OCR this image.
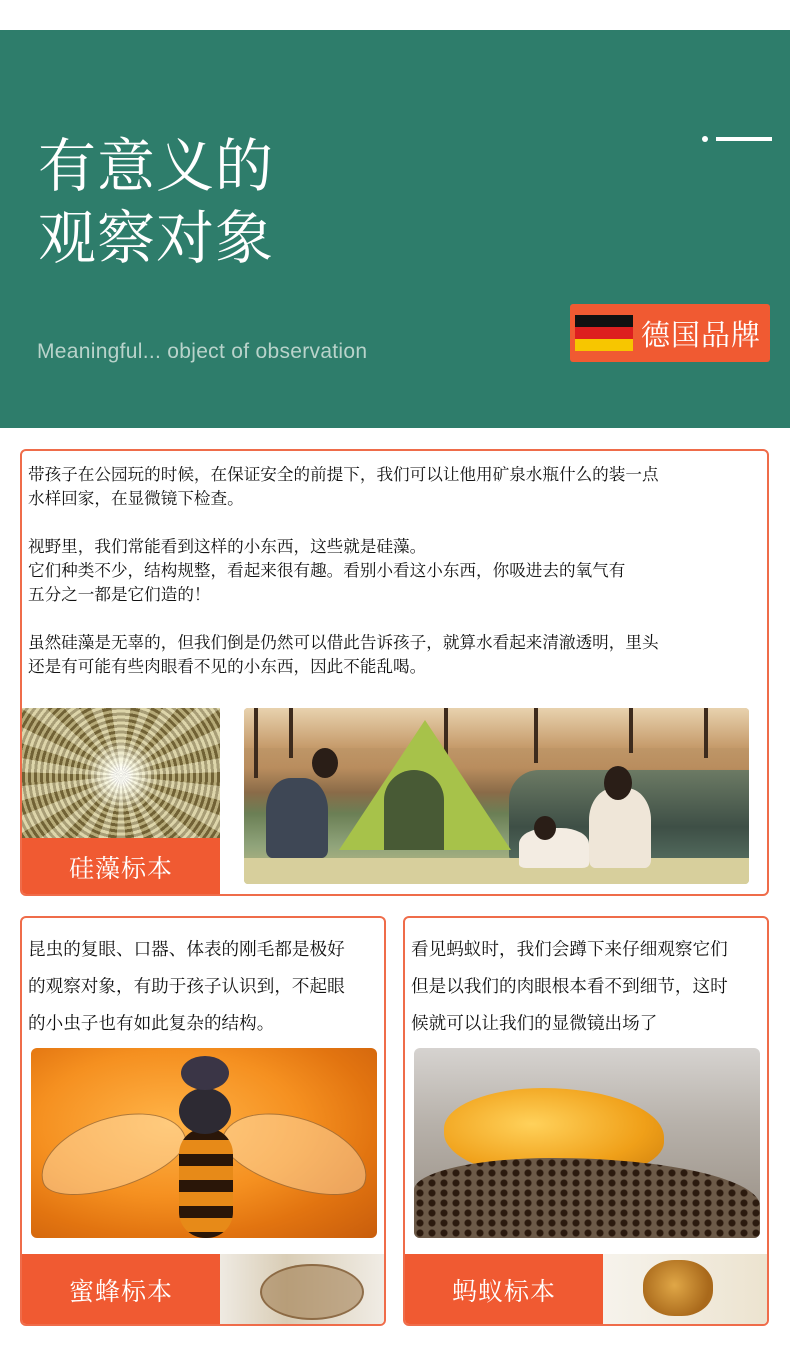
有意义的
观察对象
Meaningful... object of observation	德国品牌

带孩子在公园玩的时候，在保证安全的前提下，我们可以让他用矿泉水瓶什么的装一点
水样回家，在显微镜下检查。

视野里，我们常能看到这样的小东西，这些就是硅藻。
它们种类不少，结构规整，看起来很有趣。看别小看这小东西，你吸进去的氧气有
五分之一都是它们造的！

虽然硅藻是无辜的，但我们倒是仍然可以借此告诉孩子，就算水看起来清澈透明，里头
还是有可能有些肉眼看不见的小东西，因此不能乱喝。

硅藻标本
昆虫的复眼、口器、体表的刚毛都是极好
的观察对象，有助于孩子认识到，不起眼
的小虫子也有如此复杂的结构。
蜜蜂标本
看见蚂蚁时，我们会蹲下来仔细观察它们
但是以我们的肉眼根本看不到细节，这时
候就可以让我们的显微镜出场了
蚂蚁标本
